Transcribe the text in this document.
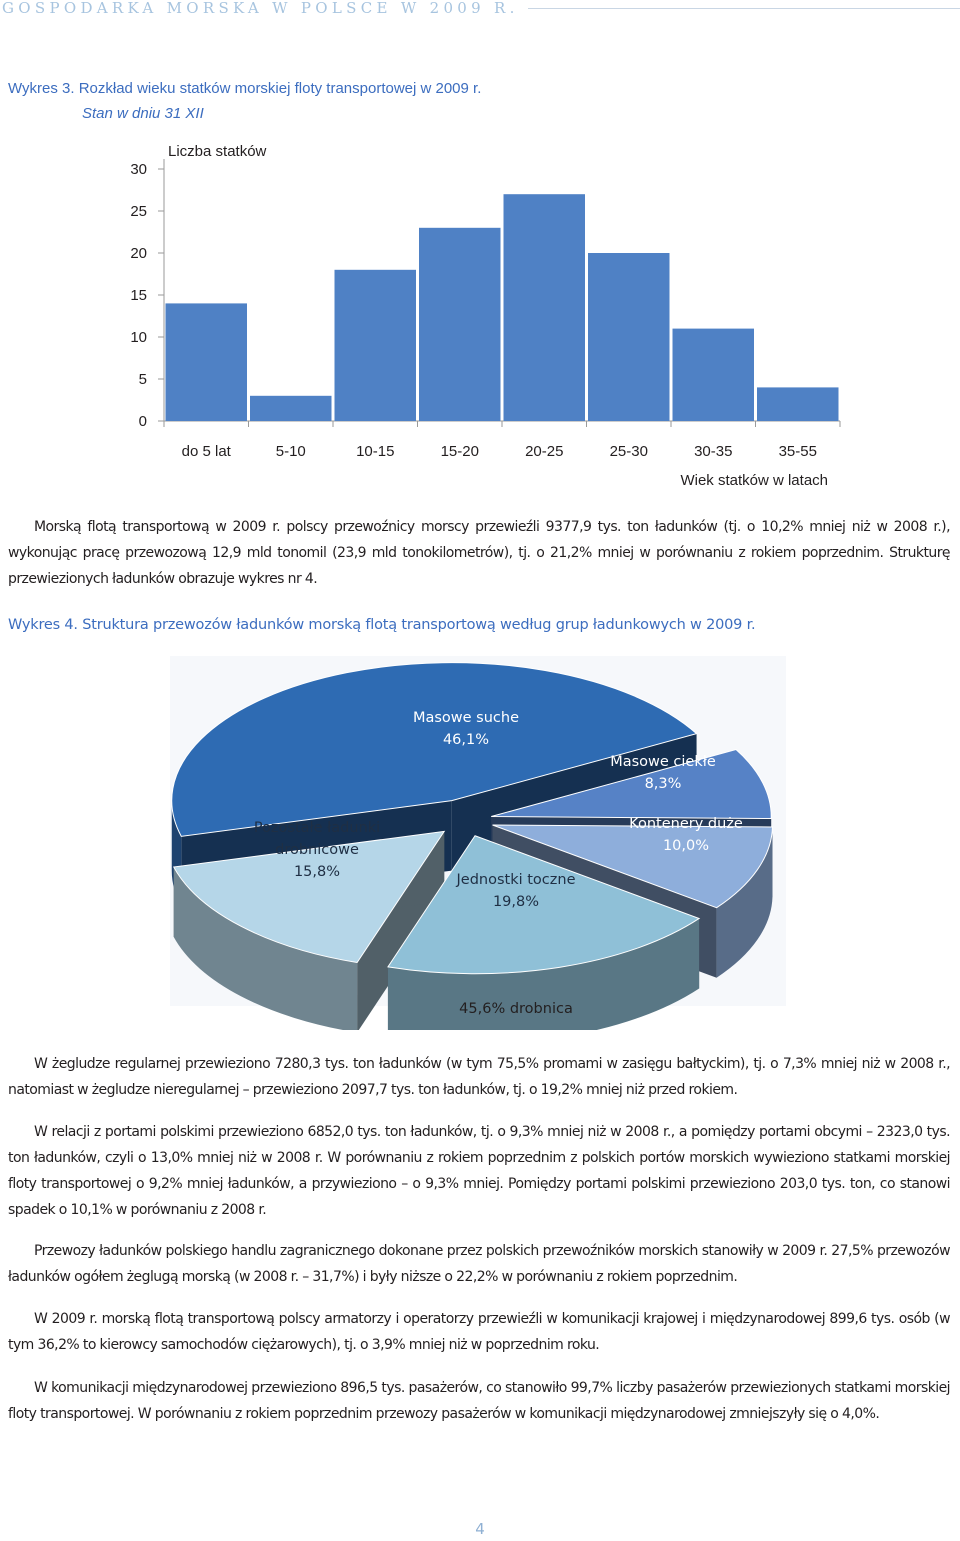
GOSPODARKA MORSKA W POLSCE W 2009 R.
Wykres 3. Rozkład wieku statków morskiej floty transportowej w 2009 r.
Stan w dniu 31 XII
0
5
10
15
20
25
30
do 5 lat	5-10	10-15	15-20	20-25	25-30	30-35	35-55
Liczba statków
Wiek statków w latach
Morską flotą transportową w 2009 r. polscy przewoźnicy morscy przewieźli 9377,9 tys. ton ładunków (tj. o 10,2% mniej niż w 2008 r.), wykonując pracę przewozową 12,9 mld tonomil (23,9 mld tonokilometrów), tj. o 21,2% mniej w porównaniu z rokiem poprzednim. Strukturę przewiezionych ładunków obrazuje wykres nr 4.
Wykres 4. Struktura przewozów ładunków morską flotą transportową według grup ładunkowych w 2009 r.
Masowe suche
46,1%
Masowe ciekłe
8,3%
Kontenery duże
10,0%
Jednostki toczne
19,8%
Pozostałe ładunki
drobnicowe
15,8%
45,6% drobnica
W żegludze regularnej przewieziono 7280,3 tys. ton ładunków (w tym 75,5% promami w zasięgu bałtyckim), tj. o 7,3% mniej niż w 2008 r., natomiast w żegludze nieregularnej – przewieziono 2097,7 tys. ton ładunków, tj. o 19,2% mniej niż przed rokiem.
W relacji z portami polskimi przewieziono 6852,0 tys. ton ładunków, tj. o 9,3% mniej niż w 2008 r., a pomiędzy portami obcymi – 2323,0 tys. ton ładunków, czyli o 13,0% mniej niż w 2008 r. W porównaniu z rokiem poprzednim z polskich portów morskich wywieziono statkami morskiej floty transportowej o 9,2% mniej ładunków, a przywieziono – o 9,3% mniej. Pomiędzy portami polskimi przewieziono 203,0 tys. ton, co stanowi spadek o 10,1% w porównaniu z 2008 r.
Przewozy ładunków polskiego handlu zagranicznego dokonane przez polskich przewoźników morskich stanowiły w 2009 r. 27,5% przewozów ładunków ogółem żeglugą morską (w 2008 r. – 31,7%) i były niższe o 22,2% w porównaniu z rokiem poprzednim.
W 2009 r. morską flotą transportową polscy armatorzy i operatorzy przewieźli w komunikacji krajowej i międzynarodowej 899,6 tys. osób (w tym 36,2% to kierowcy samochodów ciężarowych), tj. o 3,9% mniej niż w poprzednim roku.
W komunikacji międzynarodowej przewieziono 896,5 tys. pasażerów, co stanowiło 99,7% liczby pasażerów przewiezionych statkami morskiej floty transportowej. W porównaniu z rokiem poprzednim przewozy pasażerów w komunikacji międzynarodowej zmniejszyły się o 4,0%.
4
